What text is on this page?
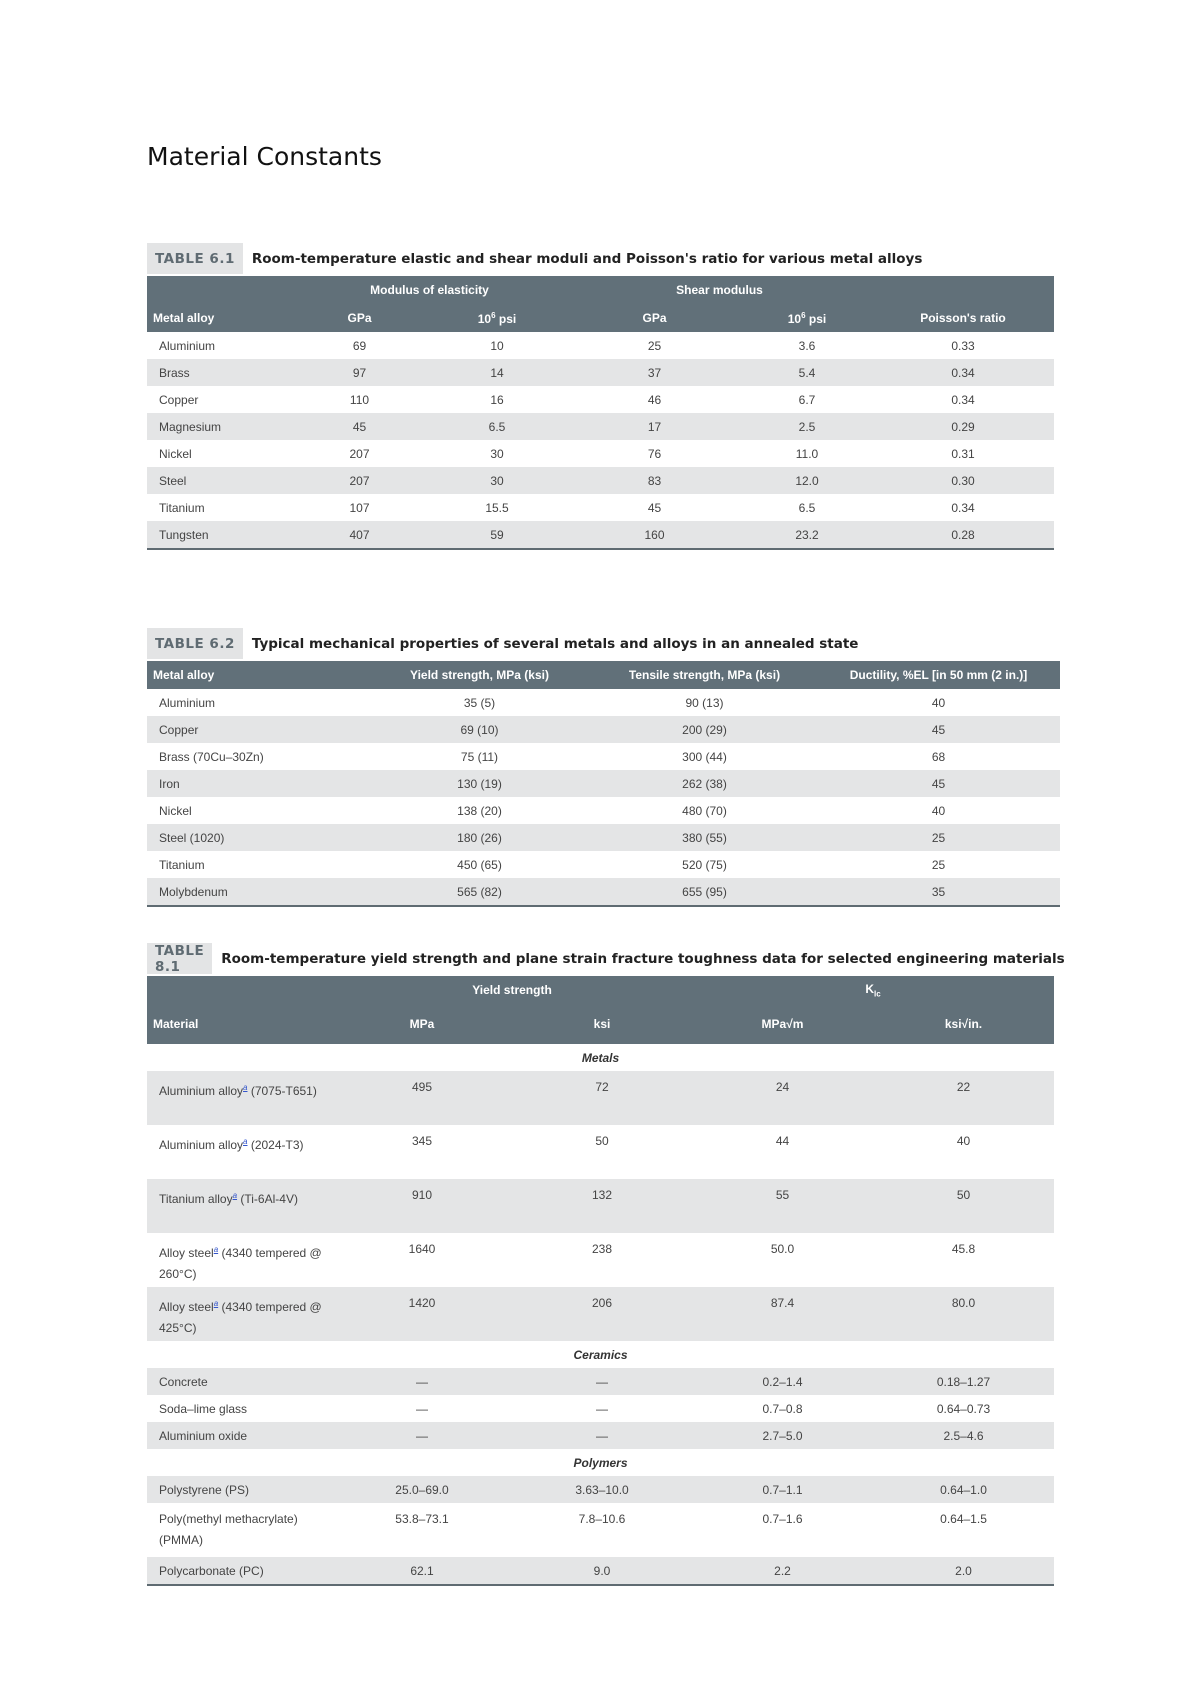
Material Constants
TABLE 6.1	Room-temperature elastic and shear moduli and Poisson's ratio for various metal alloys
	Modulus of elasticity		Shear modulus		
Metal alloy	GPa	$10^6$ psi	GPa	$10^6$ psi	Poisson's ratio
Aluminium	69	10	25	3.6	0.33
Brass	97	14	37	5.4	0.34
Copper	110	16	46	6.7	0.34
Magnesium	45	6.5	17	2.5	0.29
Nickel	207	30	76	11.0	0.31
Steel	207	30	83	12.0	0.30
Titanium	107	15.5	45	6.5	0.34
Tungsten	407	59	160	23.2	0.28
TABLE 6.2	Typical mechanical properties of several metals and alloys in an annealed state
Metal alloy	Yield strength, MPa (ksi)	Tensile strength, MPa (ksi)	Ductility, %EL [in 50 mm (2 in.)]
Aluminium	35 (5)	90 (13)	40
Copper	69 (10)	200 (29)	45
Brass (70Cu–30Zn)	75 (11)	300 (44)	68
Iron	130 (19)	262 (38)	45
Nickel	138 (20)	480 (70)	40
Steel (1020)	180 (26)	380 (55)	25
Titanium	450 (65)	520 (75)	25
Molybdenum	565 (82)	655 (95)	35
TABLE 8.1	Room-temperature yield strength and plane strain fracture toughness data for selected engineering materials
	Yield strength		$K_{Ic}$
Material	MPa	ksi	MPa√m	ksi√in.
Metals				
Aluminium alloy$^a$ (7075-T651)	495	72	24	22
Aluminium alloy$^a$ (2024-T3)	345	50	44	40
Titanium alloy$^a$ (Ti-6Al-4V)	910	132	55	50
Alloy steel$^a$ (4340 tempered @ 260°C)	1640	238	50.0	45.8
Alloy steel$^a$ (4340 tempered @ 425°C)	1420	206	87.4	80.0
Ceramics				
Concrete	—	—	0.2–1.4	0.18–1.27
Soda–lime glass	—	—	0.7–0.8	0.64–0.73
Aluminium oxide	—	—	2.7–5.0	2.5–4.6
Polymers				
Polystyrene (PS)	25.0–69.0	3.63–10.0	0.7–1.1	0.64–1.0
Poly(methyl methacrylate) (PMMA)	53.8–73.1	7.8–10.6	0.7–1.6	0.64–1.5
Polycarbonate (PC)	62.1	9.0	2.2	2.0
